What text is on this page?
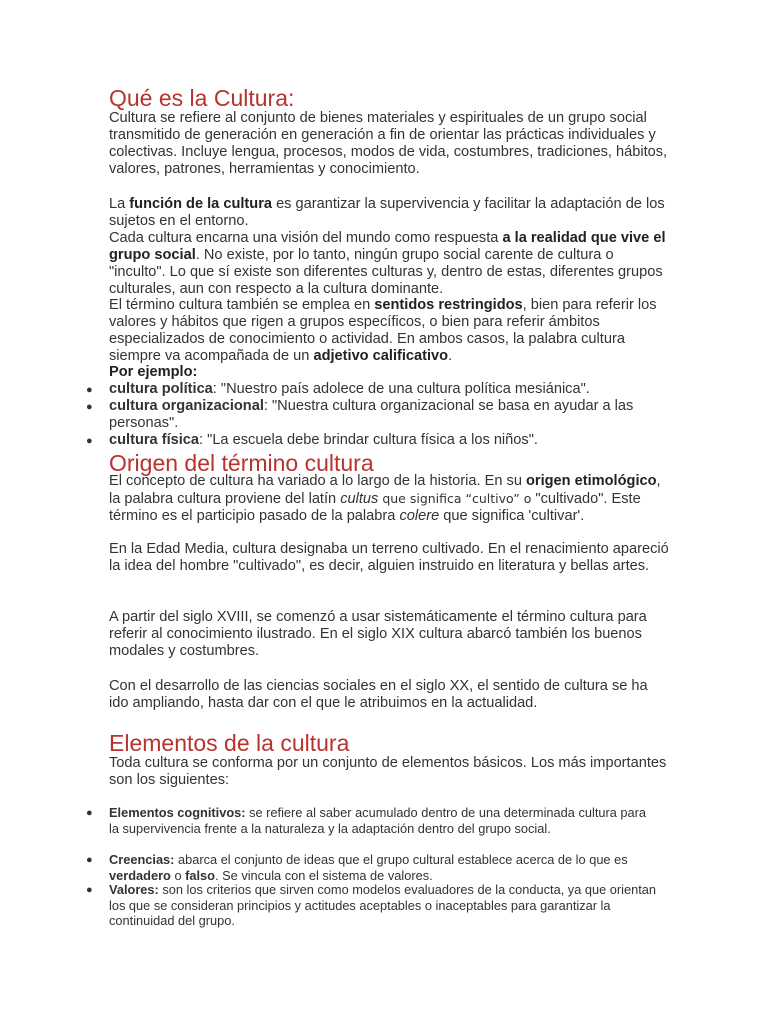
Qué es la Cultura:

Cultura se refiere al conjunto de bienes materiales y espirituales de un grupo social transmitido de generación en generación a fin de orientar las prácticas individuales y colectivas. Incluye lengua, procesos, modos de vida, costumbres, tradiciones, hábitos, valores, patrones, herramientas y conocimiento.

La función de la cultura es garantizar la supervivencia y facilitar la adaptación de los sujetos en el entorno.

Cada cultura encarna una visión del mundo como respuesta a la realidad que vive el grupo social. No existe, por lo tanto, ningún grupo social carente de cultura o "inculto". Lo que sí existe son diferentes culturas y, dentro de estas, diferentes grupos culturales, aun con respecto a la cultura dominante.

El término cultura también se emplea en sentidos restringidos, bien para referir los valores y hábitos que rigen a grupos específicos, o bien para referir ámbitos especializados de conocimiento o actividad. En ambos casos, la palabra cultura siempre va acompañada de un adjetivo calificativo.

Por ejemplo:

● cultura política: "Nuestro país adolece de una cultura política mesiánica".
● cultura organizacional: "Nuestra cultura organizacional se basa en ayudar a las personas".
● cultura física: "La escuela debe brindar cultura física a los niños".
Origen del término cultura

El concepto de cultura ha variado a lo largo de la historia. En su origen etimológico, la palabra cultura proviene del latín cultus que significa “cultivo” o "cultivado". Este término es el participio pasado de la palabra colere que significa 'cultivar'.

En la Edad Media, cultura designaba un terreno cultivado. En el renacimiento apareció la idea del hombre "cultivado", es decir, alguien instruido en literatura y bellas artes.

A partir del siglo XVIII, se comenzó a usar sistemáticamente el término cultura para referir al conocimiento ilustrado. En el siglo XIX cultura abarcó también los buenos modales y costumbres.

Con el desarrollo de las ciencias sociales en el siglo XX, el sentido de cultura se ha ido ampliando, hasta dar con el que le atribuimos en la actualidad.

Elementos de la cultura

Toda cultura se conforma por un conjunto de elementos básicos. Los más importantes son los siguientes:

●	Elementos cognitivos: se refiere al saber acumulado dentro de una determinada cultura para la supervivencia frente a la naturaleza y la adaptación dentro del grupo social.
●	Creencias: abarca el conjunto de ideas que el grupo cultural establece acerca de lo que es verdadero o falso. Se vincula con el sistema de valores.
●	Valores: son los criterios que sirven como modelos evaluadores de la conducta, ya que orientan los que se consideran principios y actitudes aceptables o inaceptables para garantizar la continuidad del grupo.
